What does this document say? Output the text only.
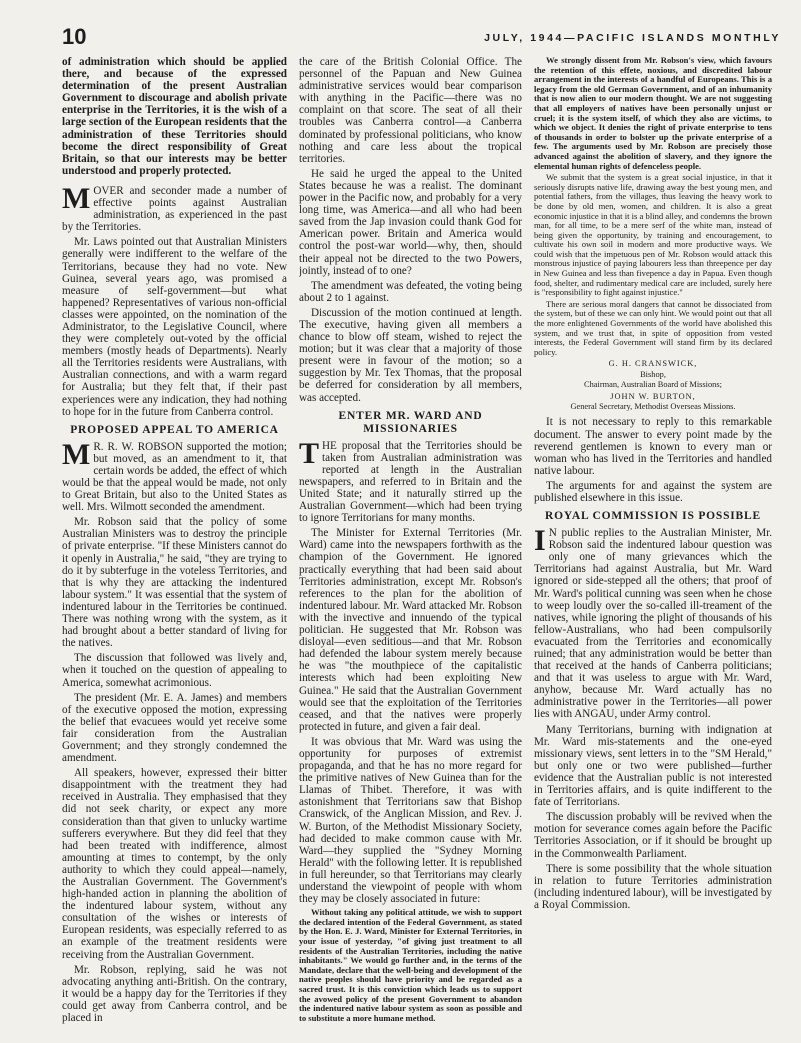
10	JULY, 1944—PACIFIC ISLANDS MONTHLY

of administration which should be applied there, and because of the expressed determination of the present Australian Government to discourage and abolish private enterprise in the Territories, it is the wish of a large section of the European residents that the administration of these Territories should become the direct responsibility of Great Britain, so that our interests may be better understood and properly protected.

MOVER and seconder made a number of effective points against Australian administration, as experienced in the past by the Territories.

Mr. Laws pointed out that Australian Ministers generally were indifferent to the welfare of the Territorians, because they had no vote. New Guinea, several years ago, was promised a measure of self-government—but what happened? Representatives of various non-official classes were appointed, on the nomination of the Administrator, to the Legislative Council, where they were completely out-voted by the official members (mostly heads of Departments). Nearly all the Territories residents were Australians, with Australian connections, and with a warm regard for Australia; but they felt that, if their past experiences were any indication, they had nothing to hope for in the future from Canberra control.

PROPOSED APPEAL TO AMERICA

MR. R. W. ROBSON supported the motion; but moved, as an amendment to it, that certain words be added, the effect of which would be that the appeal would be made, not only to Great Britain, but also to the United States as well. Mrs. Wilmott seconded the amendment.

Mr. Robson said that the policy of some Australian Ministers was to destroy the principle of private enterprise. "If these Ministers cannot do it openly in Australia," he said, "they are trying to do it by subterfuge in the voteless Territories, and that is why they are attacking the indentured labour system." It was essential that the system of indentured labour in the Territories be continued. There was nothing wrong with the system, as it had brought about a better standard of living for the natives.

The discussion that followed was lively and, when it touched on the question of appealing to America, somewhat acrimonious.

The president (Mr. E. A. James) and members of the executive opposed the motion, expressing the belief that evacuees would yet receive some fair consideration from the Australian Government; and they strongly condemned the amendment.

All speakers, however, expressed their bitter disappointment with the treatment they had received in Australia. They emphasised that they did not seek charity, or expect any more consideration than that given to unlucky wartime sufferers everywhere. But they did feel that they had been treated with indifference, almost amounting at times to contempt, by the only authority to which they could appeal—namely, the Australian Government. The Government's high-handed action in planning the abolition of the indentured labour system, without any consultation of the wishes or interests of European residents, was especially referred to as an example of the treatment residents were receiving from the Australian Government.

Mr. Robson, replying, said he was not advocating anything anti-British. On the contrary, it would be a happy day for the Territories if they could get away from Canberra control, and be placed in

the care of the British Colonial Office. The personnel of the Papuan and New Guinea administrative services would bear comparison with anything in the Pacific—there was no complaint on that score. The seat of all their troubles was Canberra control—a Canberra dominated by professional politicians, who know nothing and care less about the tropical territories.

He said he urged the appeal to the United States because he was a realist. The dominant power in the Pacific now, and probably for a very long time, was America—and all who had been saved from the Jap invasion could thank God for American power. Britain and America would control the post-war world—why, then, should their appeal not be directed to the two Powers, jointly, instead of to one?

The amendment was defeated, the voting being about 2 to 1 against.

Discussion of the motion continued at length. The executive, having given all members a chance to blow off steam, wished to reject the motion; but it was clear that a majority of those present were in favour of the motion; so a suggestion by Mr. Tex Thomas, that the proposal be deferred for consideration by all members, was accepted.

ENTER MR. WARD AND MISSIONARIES

THE proposal that the Territories should be taken from Australian administration was reported at length in the Australian newspapers, and referred to in Britain and the United State; and it naturally stirred up the Australian Government—which had been trying to ignore Territorians for many months.

The Minister for External Territories (Mr. Ward) came into the newspapers forthwith as the champion of the Government. He ignored practically everything that had been said about Territories administration, except Mr. Robson's references to the plan for the abolition of indentured labour. Mr. Ward attacked Mr. Robson with the invective and innuendo of the typical politician. He suggested that Mr. Robson was disloyal—even seditious—and that Mr. Robson had defended the labour system merely because he was "the mouthpiece of the capitalistic interests which had been exploiting New Guinea." He said that the Australian Government would see that the exploitation of the Territories ceased, and that the natives were properly protected in future, and given a fair deal.

It was obvious that Mr. Ward was using the opportunity for purposes of extremist propaganda, and that he has no more regard for the primitive natives of New Guinea than for the Llamas of Thibet. Therefore, it was with astonishment that Territorians saw that Bishop Cranswick, of the Anglican Mission, and Rev. J. W. Burton, of the Methodist Missionary Society, had decided to make common cause with Mr. Ward—they supplied the "Sydney Morning Herald" with the following letter. It is republished in full hereunder, so that Territorians may clearly understand the viewpoint of people with whom they may be closely associated in future:

Without taking any political attitude, we wish to support the declared intention of the Federal Government, as stated by the Hon. E. J. Ward, Minister for External Territories, in your issue of yesterday, "of giving just treatment to all residents of the Australian Territories, including the native inhabitants." We would go further and, in the terms of the Mandate, declare that the well-being and development of the native peoples should have priority and be regarded as a sacred trust. It is this conviction which leads us to support the avowed policy of the present Government to abandon the indentured native labour system as soon as possible and to substitute a more humane method.

We strongly dissent from Mr. Robson's view, which favours the retention of this effete, noxious, and discredited labour arrangement in the interests of a handful of Europeans. This is a legacy from the old German Government, and of an inhumanity that is now alien to our modern thought. We are not suggesting that all employers of natives have been personally unjust or cruel; it is the system itself, of which they also are victims, to which we object. It denies the right of private enterprise to tens of thousands in order to bolster up the private enterprise of a few. The arguments used by Mr. Robson are precisely those advanced against the abolition of slavery, and they ignore the elemental human rights of defenceless people.

We submit that the system is a great social injustice, in that it seriously disrupts native life, drawing away the best young men, and potential fathers, from the villages, thus leaving the heavy work to be done by old men, women, and children. It is also a great economic injustice in that it is a blind alley, and condemns the brown man, for all time, to be a mere serf of the white man, instead of being given the opportunity, by training and encouragement, to cultivate his own soil in modern and more productive ways. We could wish that the impetuous pen of Mr. Robson would attack this monstrous injustice of paying labourers less than threepence per day in New Guinea and less than fivepence a day in Papua. Even though food, shelter, and rudimentary medical care are included, surely here is "responsibility to fight against injustice."

There are serious moral dangers that cannot be dissociated from the system, but of these we can only hint. We would point out that all the more enlightened Governments of the world have abolished this system, and we trust that, in spite of opposition from vested interests, the Federal Government will stand firm by its declared policy.

G. H. CRANSWICK,
Bishop,
Chairman, Australian Board of Missions;
JOHN W. BURTON,
General Secretary, Methodist Overseas Missions.

It is not necessary to reply to this remarkable document. The answer to every point made by the reverend gentlemen is known to every man or woman who has lived in the Territories and handled native labour.

The arguments for and against the system are published elsewhere in this issue.

ROYAL COMMISSION IS POSSIBLE

IN public replies to the Australian Minister, Mr. Robson said the indentured labour question was only one of many grievances which the Territorians had against Australia, but Mr. Ward ignored or side-stepped all the others; that proof of Mr. Ward's political cunning was seen when he chose to weep loudly over the so-called ill-treament of the natives, while ignoring the plight of thousands of his fellow-Australians, who had been compulsorily evacuated from the Territories and economically ruined; that any administration would be better than that received at the hands of Canberra politicians; and that it was useless to argue with Mr. Ward, anyhow, because Mr. Ward actually has no administrative power in the Territories—all power lies with ANGAU, under Army control.

Many Territorians, burning with indignation at Mr. Ward mis-statements and the one-eyed missionary views, sent letters in to the "SM Herald," but only one or two were published—further evidence that the Australian public is not interested in Territories affairs, and is quite indifferent to the fate of Territorians.

The discussion probably will be revived when the motion for severance comes again before the Pacific Territories Association, or if it should be brought up in the Commonwealth Parliament.

There is some possibility that the whole situation in relation to future Territories administration (including indentured labour), will be investigated by a Royal Commission.
